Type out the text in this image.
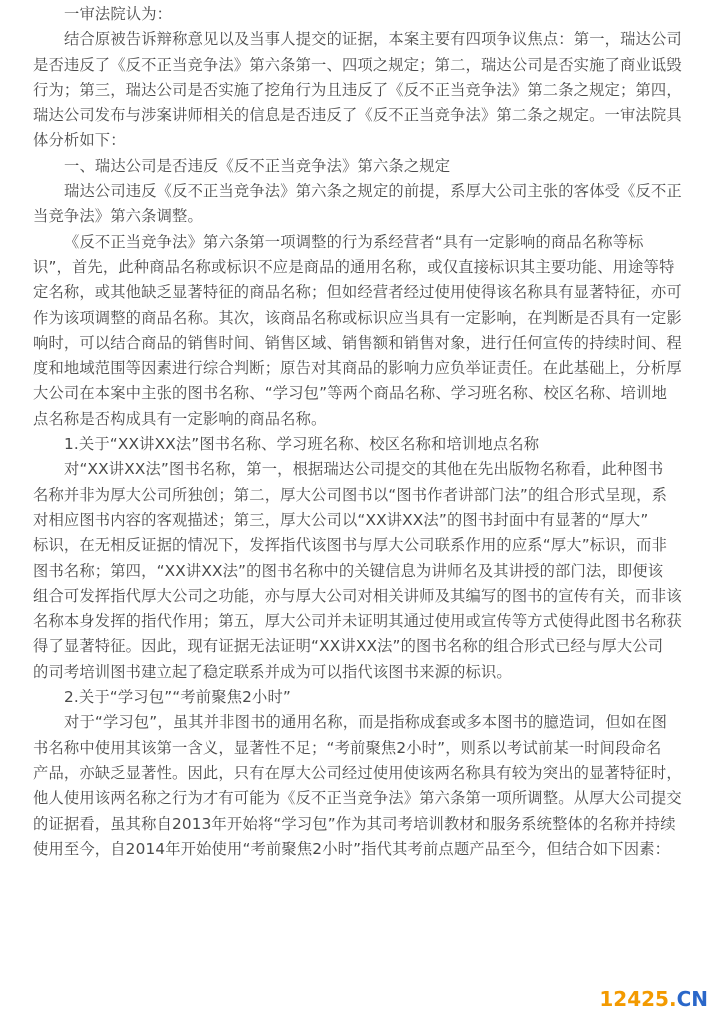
一审法院认为：
结合原被告诉辩称意见以及当事人提交的证据，本案主要有四项争议焦点：第一，瑞达公司
是否违反了《反不正当竞争法》第六条第一、四项之规定；第二，瑞达公司是否实施了商业诋毁
行为；第三，瑞达公司是否实施了挖角行为且违反了《反不正当竞争法》第二条之规定；第四，
瑞达公司发布与涉案讲师相关的信息是否违反了《反不正当竞争法》第二条之规定。一审法院具
体分析如下：
一、瑞达公司是否违反《反不正当竞争法》第六条之规定
瑞达公司违反《反不正当竞争法》第六条之规定的前提，系厚大公司主张的客体受《反不正
当竞争法》第六条调整。
《反不正当竞争法》第六条第一项调整的行为系经营者“具有一定影响的商品名称等标
识”，首先，此种商品名称或标识不应是商品的通用名称，或仅直接标识其主要功能、用途等特
定名称，或其他缺乏显著特征的商品名称；但如经营者经过使用使得该名称具有显著特征，亦可
作为该项调整的商品名称。其次，该商品名称或标识应当具有一定影响，在判断是否具有一定影
响时，可以结合商品的销售时间、销售区域、销售额和销售对象，进行任何宣传的持续时间、程
度和地域范围等因素进行综合判断；原告对其商品的影响力应负举证责任。在此基础上，分析厚
大公司在本案中主张的图书名称、“学习包”等两个商品名称、学习班名称、校区名称、培训地
点名称是否构成具有一定影响的商品名称。
1.关于“XX讲XX法”图书名称、学习班名称、校区名称和培训地点名称
对“XX讲XX法”图书名称，第一，根据瑞达公司提交的其他在先出版物名称看，此种图书
名称并非为厚大公司所独创；第二，厚大公司图书以“图书作者讲部门法”的组合形式呈现，系
对相应图书内容的客观描述；第三，厚大公司以“XX讲XX法”的图书封面中有显著的“厚大”
标识，在无相反证据的情况下，发挥指代该图书与厚大公司联系作用的应系“厚大”标识，而非
图书名称；第四，“XX讲XX法”的图书名称中的关键信息为讲师名及其讲授的部门法，即便该
组合可发挥指代厚大公司之功能，亦与厚大公司对相关讲师及其编写的图书的宣传有关，而非该
名称本身发挥的指代作用；第五，厚大公司并未证明其通过使用或宣传等方式使得此图书名称获
得了显著特征。因此，现有证据无法证明“XX讲XX法”的图书名称的组合形式已经与厚大公司
的司考培训图书建立起了稳定联系并成为可以指代该图书来源的标识。
2.关于“学习包”“考前聚焦2小时”
对于“学习包”，虽其并非图书的通用名称，而是指称成套或多本图书的臆造词，但如在图
书名称中使用其该第一含义，显著性不足；“考前聚焦2小时”，则系以考试前某一时间段命名
产品，亦缺乏显著性。因此，只有在厚大公司经过使用使该两名称具有较为突出的显著特征时，
他人使用该两名称之行为才有可能为《反不正当竞争法》第六条第一项所调整。从厚大公司提交
的证据看，虽其称自2013年开始将“学习包”作为其司考培训教材和服务系统整体的名称并持续
使用至今，自2014年开始使用“考前聚焦2小时”指代其考前点题产品至今，但结合如下因素：
12425.CN
